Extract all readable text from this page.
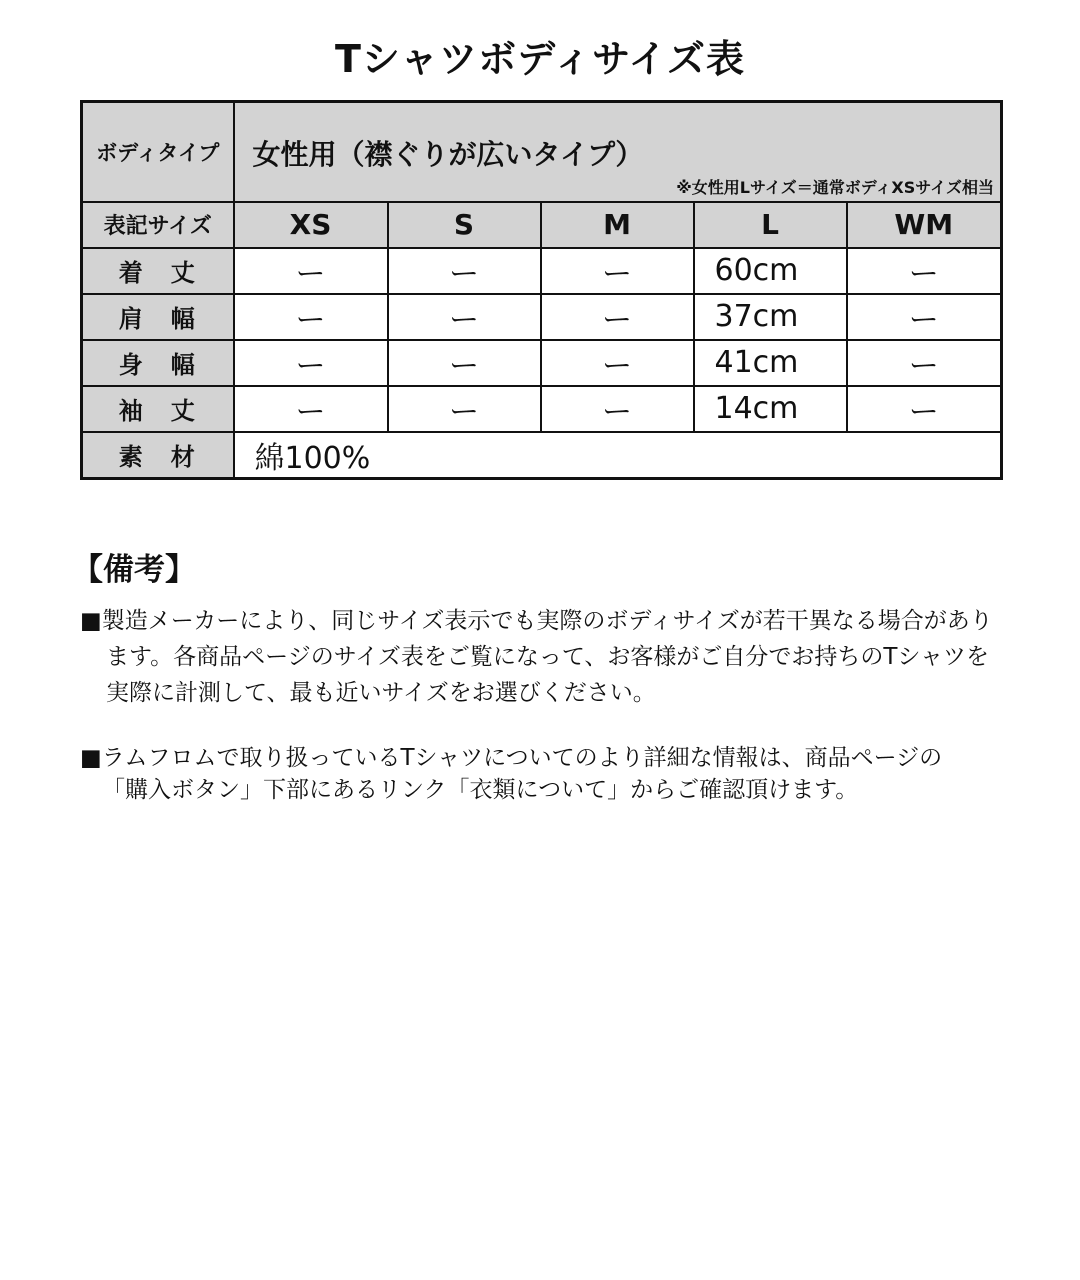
Tシャツボディサイズ表
ボディタイプ	女性用（襟ぐりが広いタイプ）
※女性用Lサイズ＝通常ボディXSサイズ相当				

表記サイズ	XS	S	M	L	WM
着　丈	ー	ー	ー	60cm	ー
肩　幅	ー	ー	ー	37cm	ー
身　幅	ー	ー	ー	41cm	ー
袖　丈	ー	ー	ー	14cm	ー
素　材	綿100%				
【備考】
■製造メーカーにより、同じサイズ表示でも実際のボディサイズが若干異なる場合があり
ます。各商品ページのサイズ表をご覧になって、お客様がご自分でお持ちのTシャツを
実際に計測して、最も近いサイズをお選びください。
■ラムフロムで取り扱っているTシャツについてのより詳細な情報は、商品ページの
「購入ボタン」下部にあるリンク「衣類について」からご確認頂けます。
